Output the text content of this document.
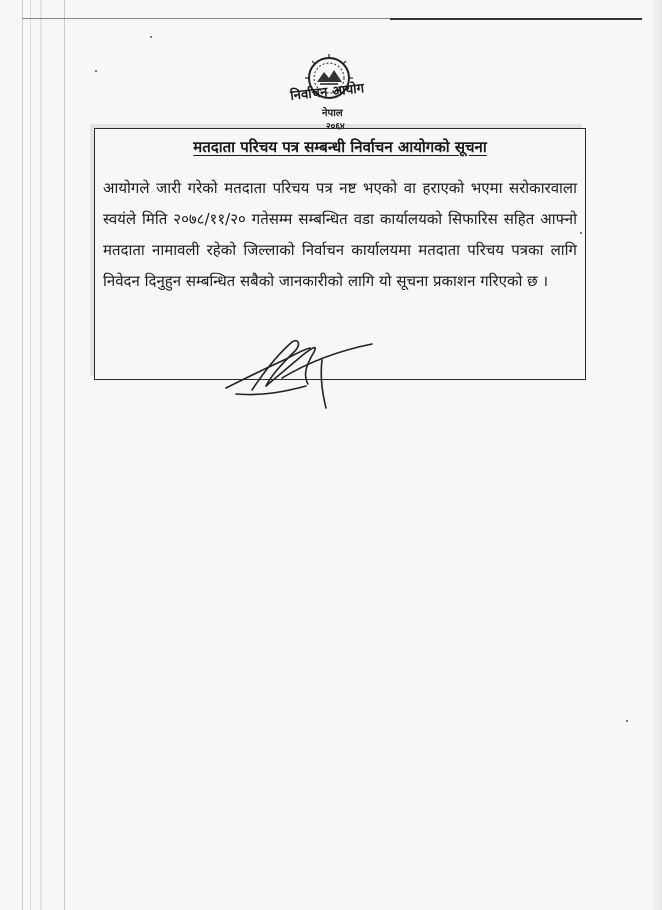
निर्वाचन आयोग
नेपाल
२०६४
मतदाता परिचय पत्र सम्बन्धी निर्वाचन आयोगको सूचना
आयोगले जारी गरेको मतदाता परिचय पत्र नष्ट भएको वा हराएको भएमा सरोकारवाला स्वयंले मिति २०७८/११/२० गतेसम्म सम्बन्धित वडा कार्यालयको सिफारिस सहित आफ्नो मतदाता नामावली रहेको जिल्लाको निर्वाचन कार्यालयमा मतदाता परिचय पत्रका लागि निवेदन दिनुहुन सम्बन्धित सबैको जानकारीको लागि यो सूचना प्रकाशन गरिएको छ ।
